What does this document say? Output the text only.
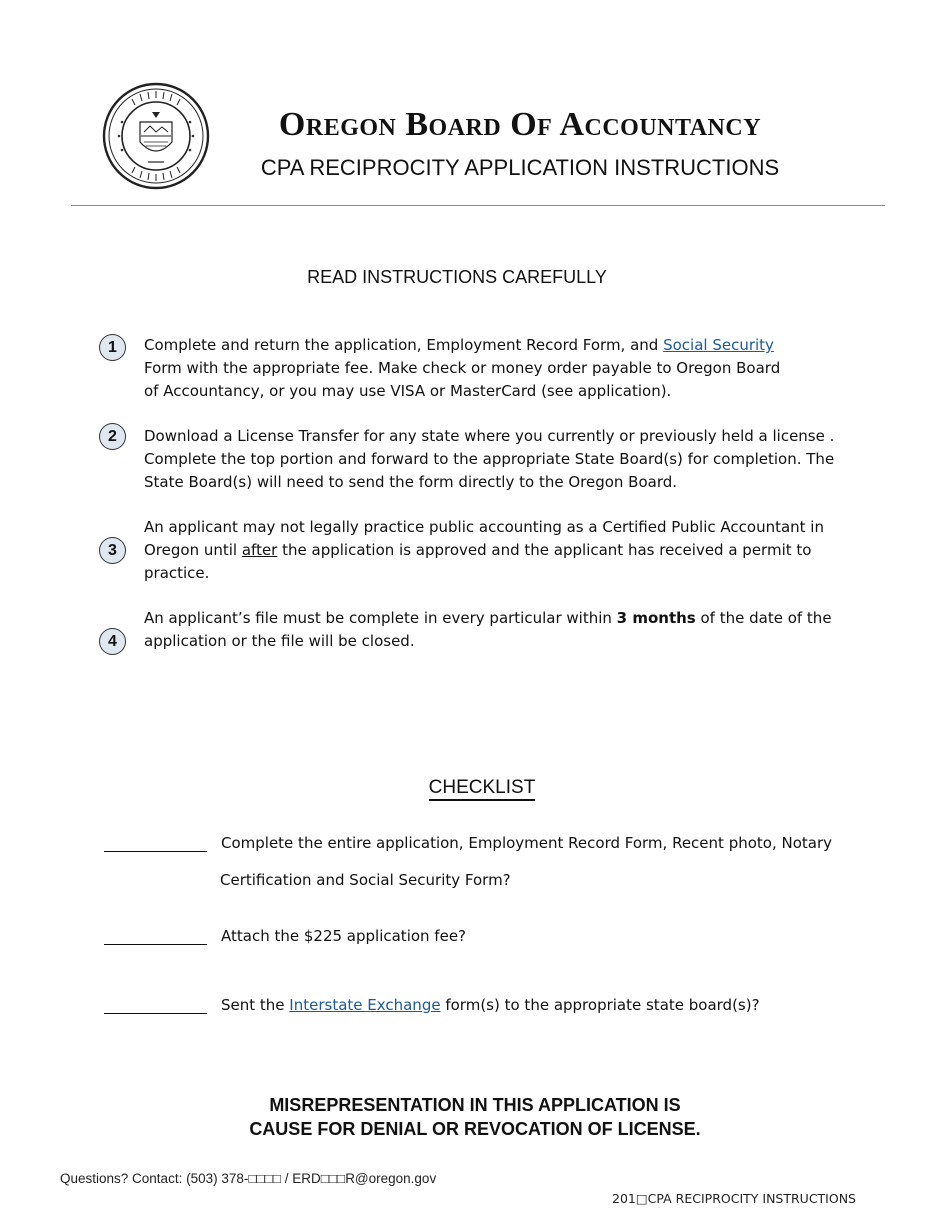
Oregon Board Of Accountancy
CPA RECIPROCITY APPLICATION INSTRUCTIONS
READ INSTRUCTIONS CAREFULLY
1	Complete and return the application, Employment Record Form, and Social Security
Form with the appropriate fee. Make check or money order payable to Oregon Board
of Accountancy, or you may use VISA or MasterCard (see application).
2	Download a License Transfer for any state where you currently or previously held a license .
Complete the top portion and forward to the appropriate State Board(s) for completion. The
State Board(s) will need to send the form directly to the Oregon Board.
3
An applicant may not legally practice public accounting as a Certified Public Accountant in
Oregon until after the application is approved and the applicant has received a permit to
practice.
4
An applicant’s file must be complete in every particular within 3 months of the date of the
application or the file will be closed.
CHECKLIST
Complete the entire application, Employment Record Form, Recent photo, Notary
Certification and Social Security Form?
Attach the $225 application fee?
Sent the Interstate Exchange form(s) to the appropriate state board(s)?
MISREPRESENTATION IN THIS APPLICATION IS
CAUSE FOR DENIAL OR REVOCATION OF LICENSE.
Questions? Contact: (503) 378-□□□□ / ERD□□□R@oregon.gov
201□CPA RECIPROCITY INSTRUCTIONS
